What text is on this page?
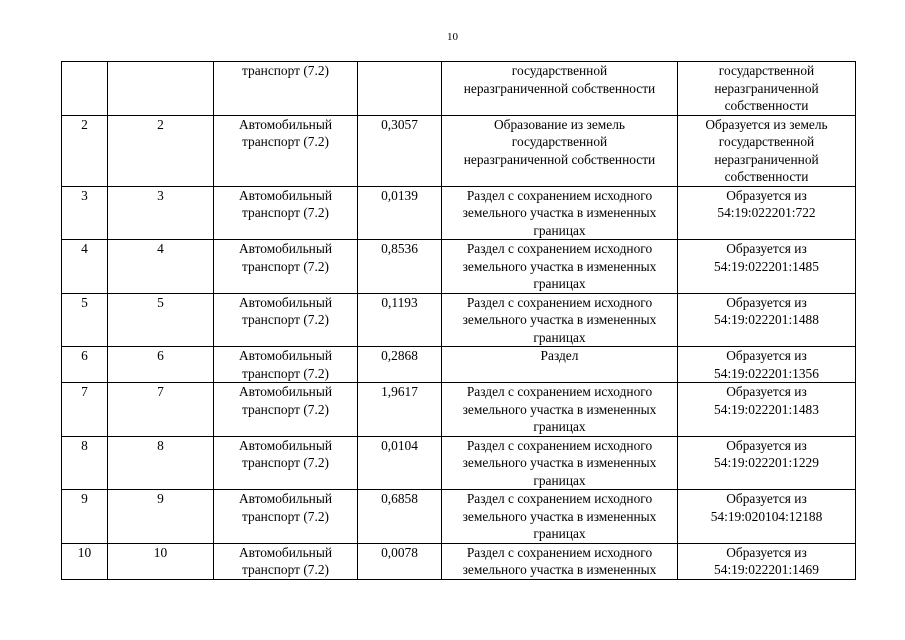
10
		транспорт (7.2)		государственной
неразграниченной собственности	государственной
неразграниченной
собственности
2	2	Автомобильный
транспорт (7.2)	0,3057	Образование из земель
государственной
неразграниченной собственности	Образуется из земель
государственной
неразграниченной
собственности
3	3	Автомобильный
транспорт (7.2)	0,0139	Раздел с сохранением исходного
земельного участка в измененных
границах	Образуется из
54:19:022201:722
4	4	Автомобильный
транспорт (7.2)	0,8536	Раздел с сохранением исходного
земельного участка в измененных
границах	Образуется из
54:19:022201:1485
5	5	Автомобильный
транспорт (7.2)	0,1193	Раздел с сохранением исходного
земельного участка в измененных
границах	Образуется из
54:19:022201:1488
6	6	Автомобильный
транспорт (7.2)	0,2868	Раздел	Образуется из
54:19:022201:1356
7	7	Автомобильный
транспорт (7.2)	1,9617	Раздел с сохранением исходного
земельного участка в измененных
границах	Образуется из
54:19:022201:1483
8	8	Автомобильный
транспорт (7.2)	0,0104	Раздел с сохранением исходного
земельного участка в измененных
границах	Образуется из
54:19:022201:1229
9	9	Автомобильный
транспорт (7.2)	0,6858	Раздел с сохранением исходного
земельного участка в измененных
границах	Образуется из
54:19:020104:12188
10	10	Автомобильный
транспорт (7.2)	0,0078	Раздел с сохранением исходного
земельного участка в измененных	Образуется из
54:19:022201:1469
